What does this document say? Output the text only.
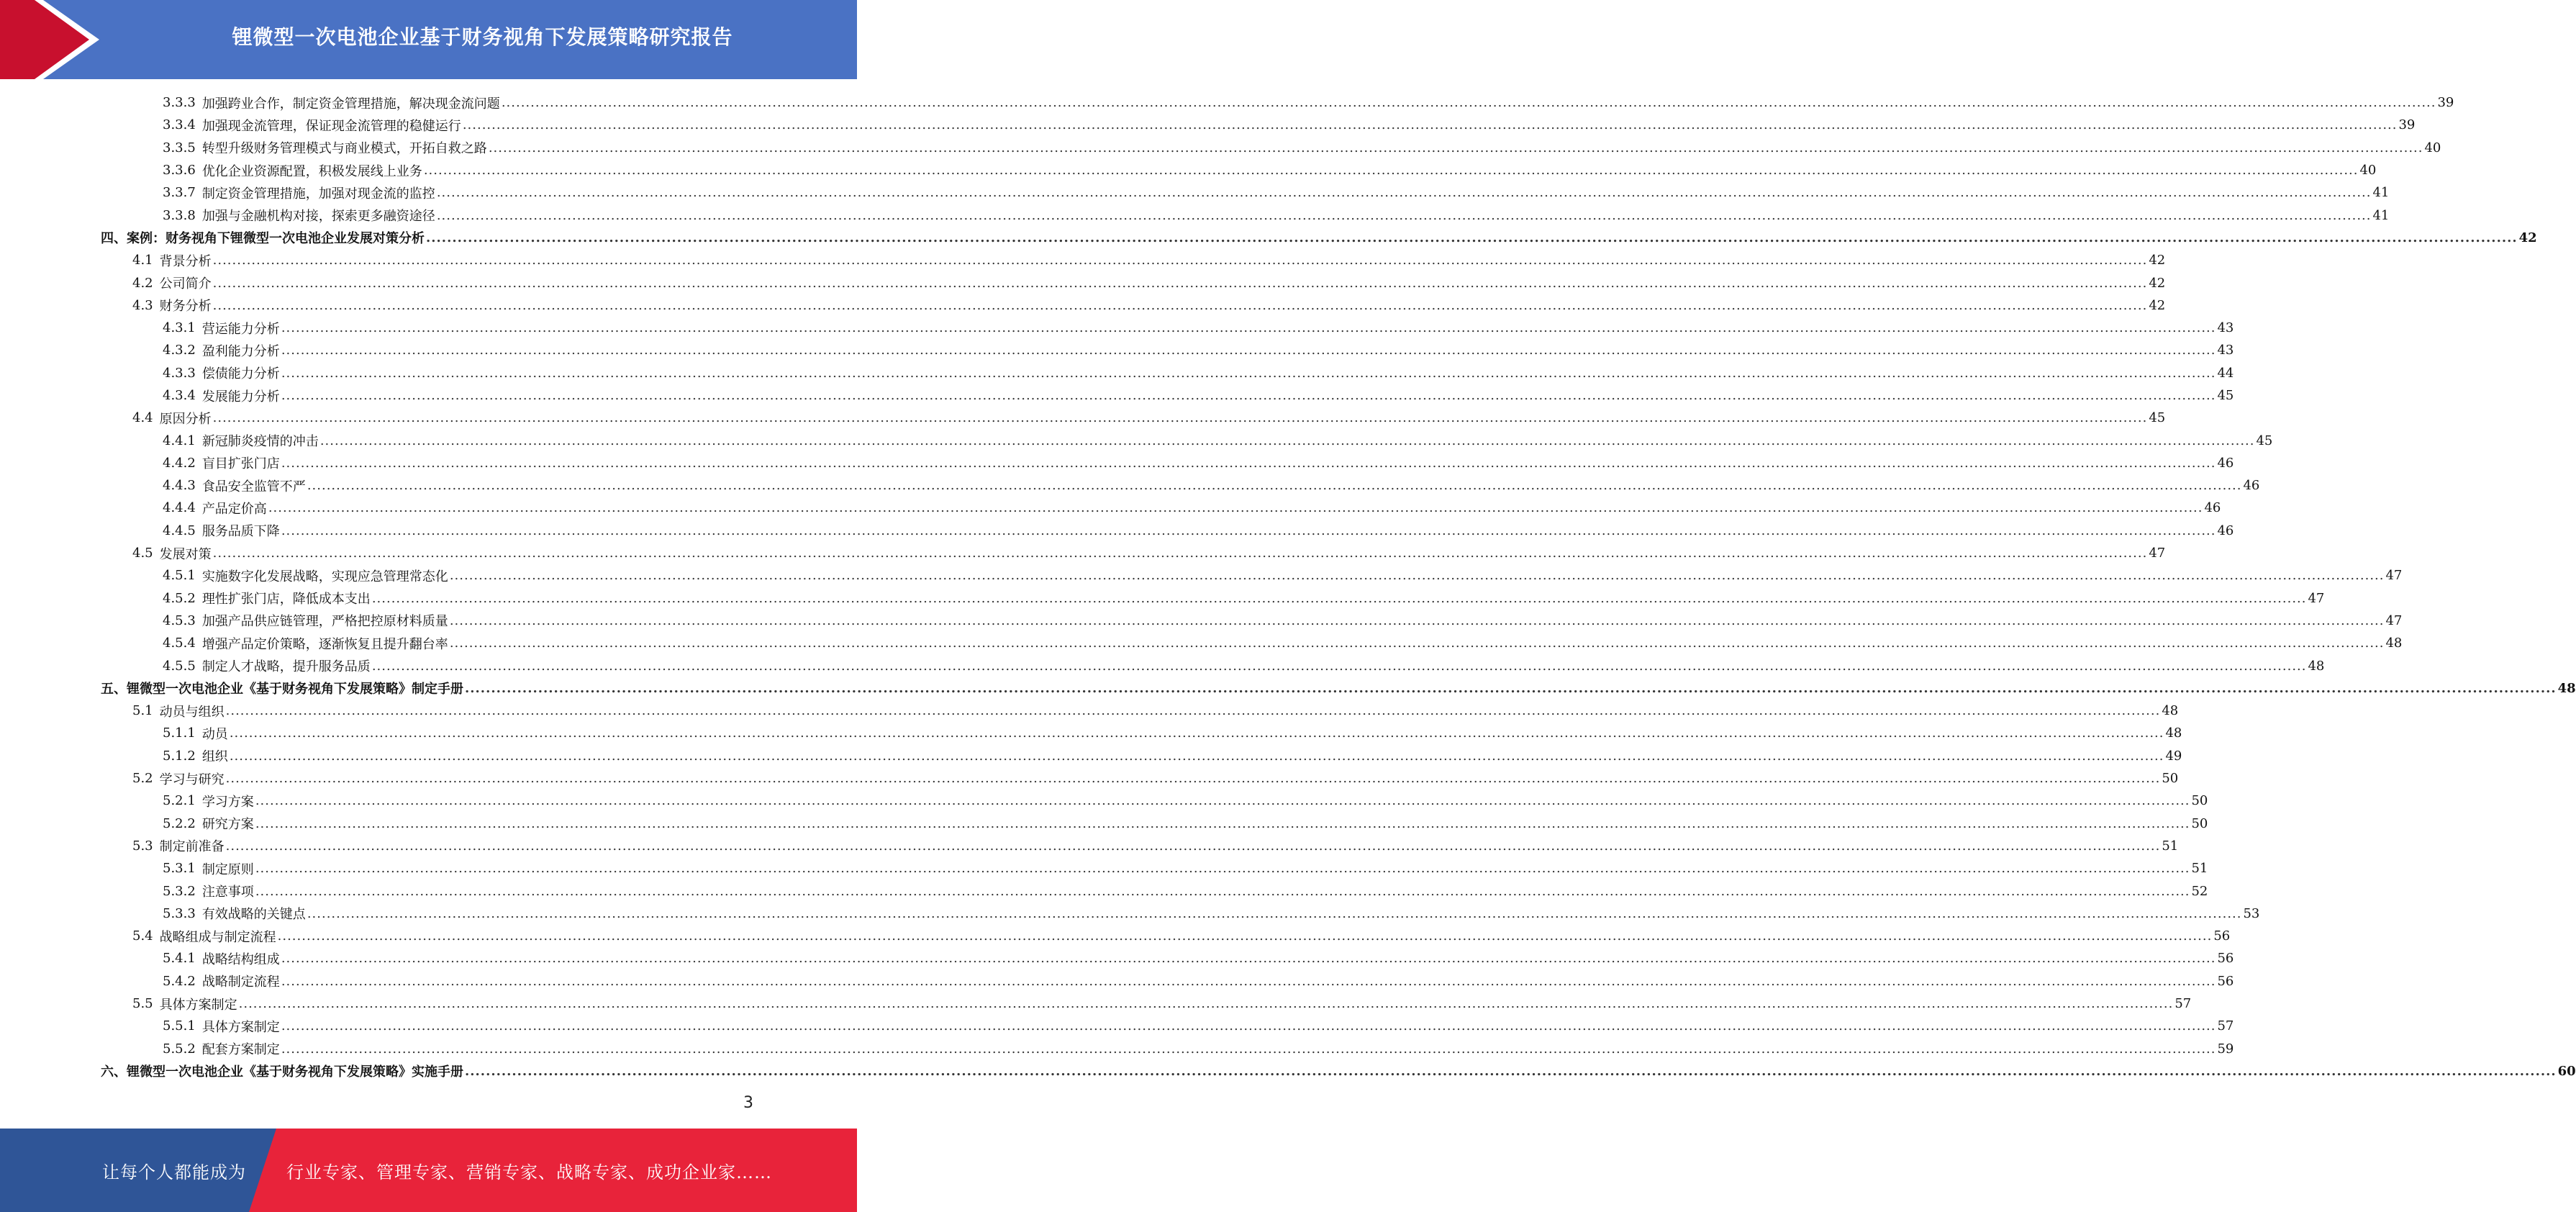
锂微型一次电池企业基于财务视角下发展策略研究报告
3.3.3 加强跨业合作，制定资金管理措施，解决现金流问题 ................................................................................................................................................................................................................................................................................................................................................................................................................ 39
3.3.4 加强现金流管理，保证现金流管理的稳健运行 ................................................................................................................................................................................................................................................................................................................................................................................................................ 39
3.3.5 转型升级财务管理模式与商业模式，开拓自救之路 ................................................................................................................................................................................................................................................................................................................................................................................................................ 40
3.3.6 优化企业资源配置，积极发展线上业务 ................................................................................................................................................................................................................................................................................................................................................................................................................ 40
3.3.7 制定资金管理措施，加强对现金流的监控 ................................................................................................................................................................................................................................................................................................................................................................................................................ 41
3.3.8 加强与金融机构对接，探索更多融资途径 ................................................................................................................................................................................................................................................................................................................................................................................................................ 41
四、 案例：财务视角下锂微型一次电池企业发展对策分析 ................................................................................................................................................................................................................................................................................................................................................................................................................ 42
4.1 背景分析 ................................................................................................................................................................................................................................................................................................................................................................................................................ 42
4.2 公司简介 ................................................................................................................................................................................................................................................................................................................................................................................................................ 42
4.3 财务分析 ................................................................................................................................................................................................................................................................................................................................................................................................................ 42
4.3.1 营运能力分析 ................................................................................................................................................................................................................................................................................................................................................................................................................ 43
4.3.2 盈利能力分析 ................................................................................................................................................................................................................................................................................................................................................................................................................ 43
4.3.3 偿债能力分析 ................................................................................................................................................................................................................................................................................................................................................................................................................ 44
4.3.4 发展能力分析 ................................................................................................................................................................................................................................................................................................................................................................................................................ 45
4.4 原因分析 ................................................................................................................................................................................................................................................................................................................................................................................................................ 45
4.4.1 新冠肺炎疫情的冲击 ................................................................................................................................................................................................................................................................................................................................................................................................................ 45
4.4.2 盲目扩张门店 ................................................................................................................................................................................................................................................................................................................................................................................................................ 46
4.4.3 食品安全监管不严 ................................................................................................................................................................................................................................................................................................................................................................................................................ 46
4.4.4 产品定价高 ................................................................................................................................................................................................................................................................................................................................................................................................................ 46
4.4.5 服务品质下降 ................................................................................................................................................................................................................................................................................................................................................................................................................ 46
4.5 发展对策 ................................................................................................................................................................................................................................................................................................................................................................................................................ 47
4.5.1 实施数字化发展战略，实现应急管理常态化 ................................................................................................................................................................................................................................................................................................................................................................................................................ 47
4.5.2 理性扩张门店，降低成本支出 ................................................................................................................................................................................................................................................................................................................................................................................................................ 47
4.5.3 加强产品供应链管理，严格把控原材料质量 ................................................................................................................................................................................................................................................................................................................................................................................................................ 47
4.5.4 增强产品定价策略，逐渐恢复且提升翻台率 ................................................................................................................................................................................................................................................................................................................................................................................................................ 48
4.5.5 制定人才战略，提升服务品质 ................................................................................................................................................................................................................................................................................................................................................................................................................ 48
五、 锂微型一次电池企业《基于财务视角下发展策略》制定手册 ................................................................................................................................................................................................................................................................................................................................................................................................................ 48
5.1 动员与组织 ................................................................................................................................................................................................................................................................................................................................................................................................................ 48
5.1.1 动员 ................................................................................................................................................................................................................................................................................................................................................................................................................ 48
5.1.2 组织 ................................................................................................................................................................................................................................................................................................................................................................................................................ 49
5.2 学习与研究 ................................................................................................................................................................................................................................................................................................................................................................................................................ 50
5.2.1 学习方案 ................................................................................................................................................................................................................................................................................................................................................................................................................ 50
5.2.2 研究方案 ................................................................................................................................................................................................................................................................................................................................................................................................................ 50
5.3 制定前准备 ................................................................................................................................................................................................................................................................................................................................................................................................................ 51
5.3.1 制定原则 ................................................................................................................................................................................................................................................................................................................................................................................................................ 51
5.3.2 注意事项 ................................................................................................................................................................................................................................................................................................................................................................................................................ 52
5.3.3 有效战略的关键点 ................................................................................................................................................................................................................................................................................................................................................................................................................ 53
5.4 战略组成与制定流程 ................................................................................................................................................................................................................................................................................................................................................................................................................ 56
5.4.1 战略结构组成 ................................................................................................................................................................................................................................................................................................................................................................................................................ 56
5.4.2 战略制定流程 ................................................................................................................................................................................................................................................................................................................................................................................................................ 56
5.5 具体方案制定 ................................................................................................................................................................................................................................................................................................................................................................................................................ 57
5.5.1 具体方案制定 ................................................................................................................................................................................................................................................................................................................................................................................................................ 57
5.5.2 配套方案制定 ................................................................................................................................................................................................................................................................................................................................................................................................................ 59
六、 锂微型一次电池企业《基于财务视角下发展策略》实施手册 ................................................................................................................................................................................................................................................................................................................................................................................................................ 60
3
让每个人都能成为 行业专家、管理专家、营销专家、战略专家、成功企业家……
